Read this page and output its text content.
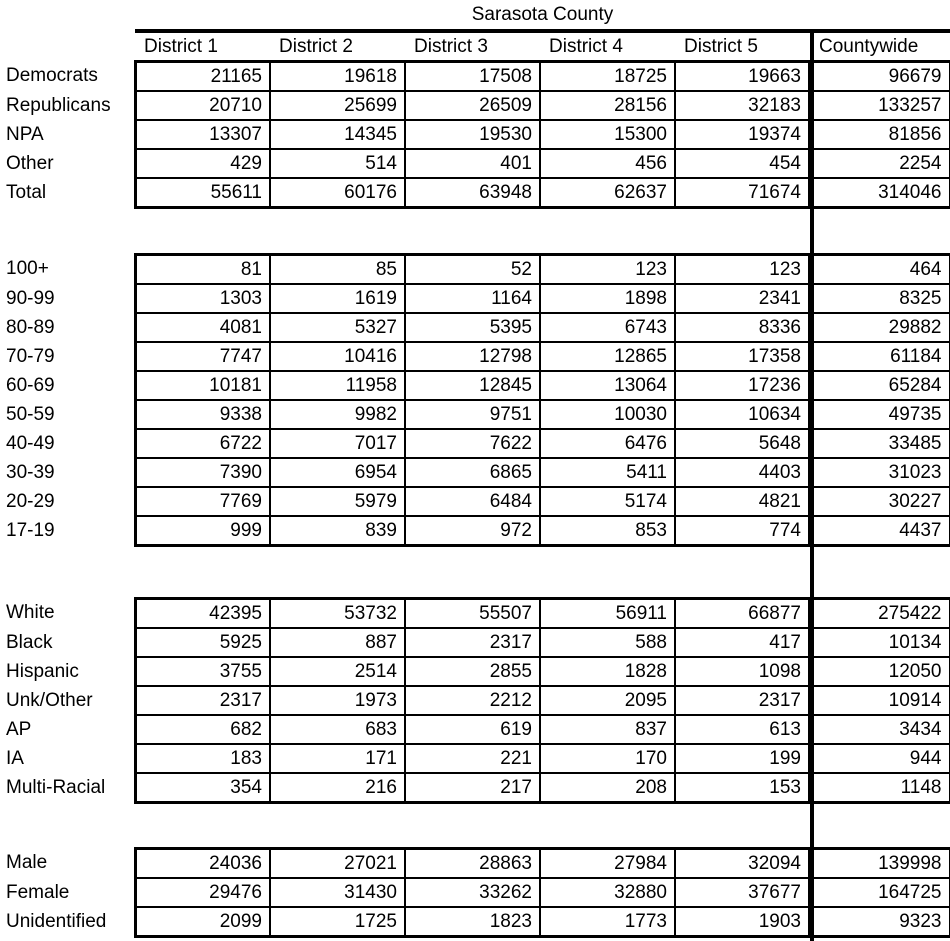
Sarasota County
District 1	District 2	District 3	District 4	District 5	Countywide
Democrats	21165	19618	17508	18725	19663	96679
Republicans	20710	25699	26509	28156	32183	133257
NPA	13307	14345	19530	15300	19374	81856
Other	429	514	401	456	454	2254
Total	55611	60176	63948	62637	71674	314046
100+	81	85	52	123	123	464
90-99	1303	1619	1164	1898	2341	8325
80-89	4081	5327	5395	6743	8336	29882
70-79	7747	10416	12798	12865	17358	61184
60-69	10181	11958	12845	13064	17236	65284
50-59	9338	9982	9751	10030	10634	49735
40-49	6722	7017	7622	6476	5648	33485
30-39	7390	6954	6865	5411	4403	31023
20-29	7769	5979	6484	5174	4821	30227
17-19	999	839	972	853	774	4437
White	42395	53732	55507	56911	66877	275422
Black	5925	887	2317	588	417	10134
Hispanic	3755	2514	2855	1828	1098	12050
Unk/Other	2317	1973	2212	2095	2317	10914
AP	682	683	619	837	613	3434
IA	183	171	221	170	199	944
Multi-Racial	354	216	217	208	153	1148
Male	24036	27021	28863	27984	32094	139998
Female	29476	31430	33262	32880	37677	164725
Unidentified	2099	1725	1823	1773	1903	9323
